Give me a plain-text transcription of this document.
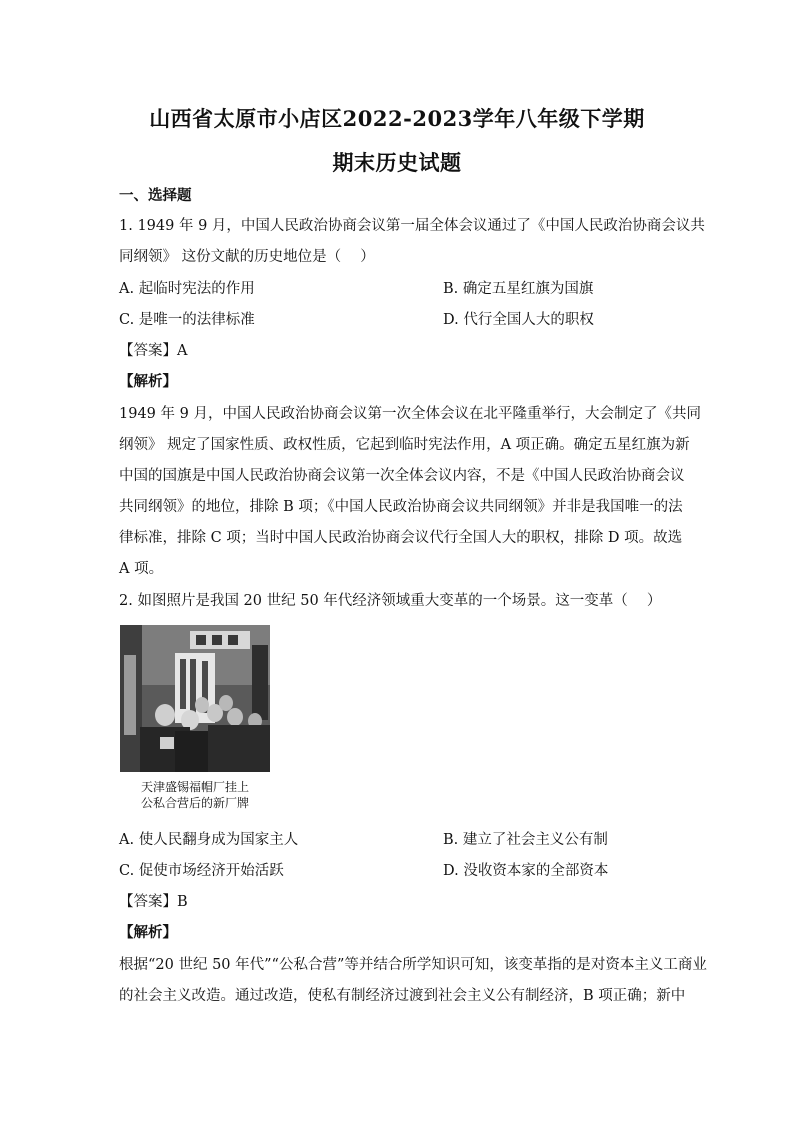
山西省太原市小店区2022-2023学年八年级下学期
期末历史试题
一、选择题
1. 1949 年 9 月，中国人民政治协商会议第一届全体会议通过了《中国人民政治协商会议共
同纲领》 这份文献的历史地位是（　 ）
A. 起临时宪法的作用	B. 确定五星红旗为国旗
C. 是唯一的法律标准	D. 代行全国人大的职权
【答案】A
【解析】
1949 年 9 月，中国人民政治协商会议第一次全体会议在北平隆重举行，大会制定了《共同
纲领》 规定了国家性质、政权性质，它起到临时宪法作用，A 项正确。确定五星红旗为新
中国的国旗是中国人民政治协商会议第一次全体会议内容，不是《中国人民政治协商会议
共同纲领》的地位，排除 B 项；《中国人民政治协商会议共同纲领》并非是我国唯一的法
律标准，排除 C 项；当时中国人民政治协商会议代行全国人大的职权，排除 D 项。故选
A 项。
2. 如图照片是我国 20 世纪 50 年代经济领域重大变革的一个场景。这一变革（　 ）
天津盛锡福帽厂挂上
公私合营后的新厂牌
A. 使人民翻身成为国家主人	B. 建立了社会主义公有制
C. 促使市场经济开始活跃	D. 没收资本家的全部资本
【答案】B
【解析】
根据“20 世纪 50 年代”“公私合营”等并结合所学知识可知，该变革指的是对资本主义工商业
的社会主义改造。通过改造，使私有制经济过渡到社会主义公有制经济，B 项正确；新中
